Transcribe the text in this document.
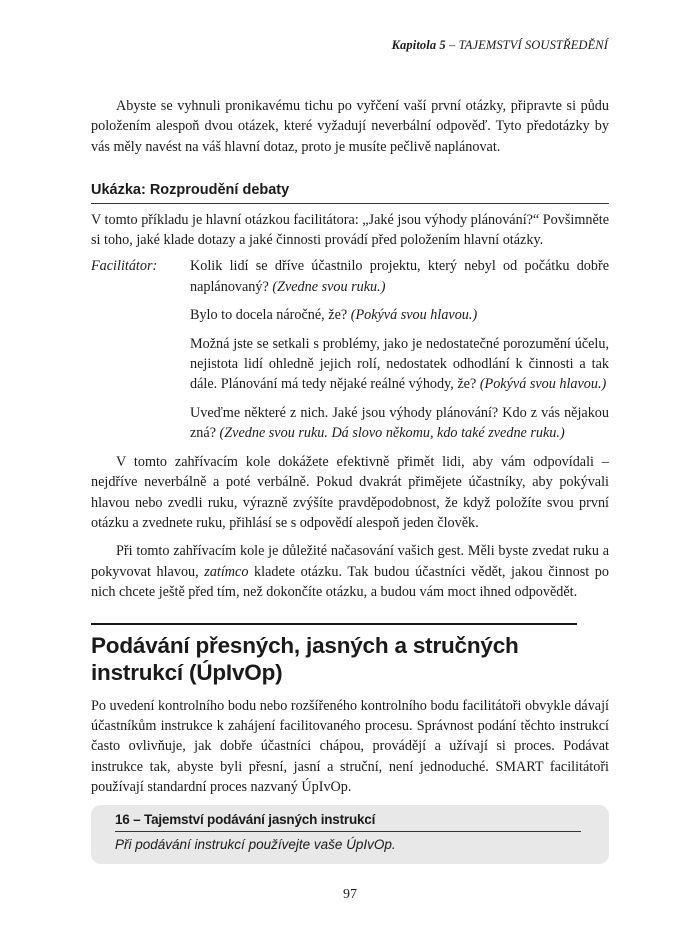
Kapitola 5 – TAJEMSTVÍ SOUSTŘEDĚNÍ

Abyste se vyhnuli pronikavému tichu po vyřčení vaší první otázky, připravte si půdu položením alespoň dvou otázek, které vyžadují neverbální odpověď. Tyto předotázky by vás měly navést na váš hlavní dotaz, proto je musíte pečlivě naplánovat.

Ukázka: Rozproudění debaty

V tomto příkladu je hlavní otázkou facilitátora: „Jaké jsou výhody plánování?“ Povšimněte si toho, jaké klade dotazy a jaké činnosti provádí před položením hlavní otázky.

Facilitátor:	Kolik lidí se dříve účastnilo projektu, který nebyl od počátku dobře naplánovaný? (Zvedne svou ruku.)

Bylo to docela náročné, že? (Pokývá svou hlavou.)

Možná jste se setkali s problémy, jako je nedostatečné porozumění účelu, nejistota lidí ohledně jejich rolí, nedostatek odhodlání k činnosti a tak dále. Plánování má tedy nějaké reálné výhody, že? (Pokývá svou hlavou.)

Uveďme některé z nich. Jaké jsou výhody plánování? Kdo z vás nějakou zná? (Zvedne svou ruku. Dá slovo někomu, kdo také zvedne ruku.)

V tomto zahřívacím kole dokážete efektivně přimět lidi, aby vám odpovídali – nejdříve neverbálně a poté verbálně. Pokud dvakrát přimějete účastníky, aby pokývali hlavou nebo zvedli ruku, výrazně zvýšíte pravděpodobnost, že když položíte svou první otázku a zvednete ruku, přihlásí se s odpovědí alespoň jeden člověk.

Při tomto zahřívacím kole je důležité načasování vašich gest. Měli byste zvedat ruku a pokyvovat hlavou, zatímco kladete otázku. Tak budou účastníci vědět, jakou činnost po nich chcete ještě před tím, než dokončíte otázku, a budou vám moct ihned odpovědět.

Podávání přesných, jasných a stručných instrukcí (ÚpIvOp)

Po uvedení kontrolního bodu nebo rozšířeného kontrolního bodu facilitátoři obvykle dávají účastníkům instrukce k zahájení facilitovaného procesu. Správnost podání těchto instrukcí často ovlivňuje, jak dobře účastníci chápou, provádějí a užívají si proces. Podávat instrukce tak, abyste byli přesní, jasní a struční, není jednoduché. SMART facilitátoři používají standardní proces nazvaný ÚpIvOp.

16 – Tajemství podávání jasných instrukcí
Při podávání instrukcí používejte vaše ÚpIvOp.
97
